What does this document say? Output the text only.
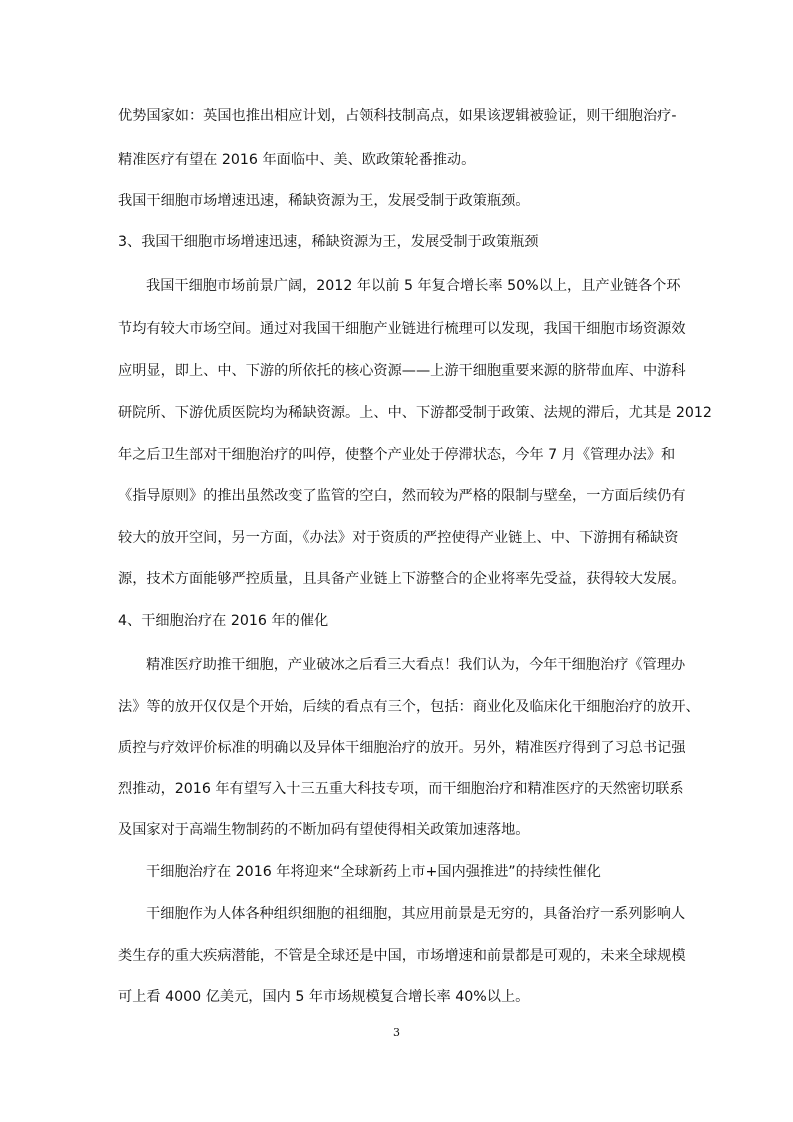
优势国家如：英国也推出相应计划，占领科技制高点，如果该逻辑被验证，则干细胞治疗-

精准医疗有望在 2016 年面临中、美、欧政策轮番推动。

我国干细胞市场增速迅速，稀缺资源为王，发展受制于政策瓶颈。

3、我国干细胞市场增速迅速，稀缺资源为王，发展受制于政策瓶颈

我国干细胞市场前景广阔，2012 年以前 5 年复合增长率 50%以上，且产业链各个环

节均有较大市场空间。通过对我国干细胞产业链进行梳理可以发现，我国干细胞市场资源效

应明显，即上、中、下游的所依托的核心资源——上游干细胞重要来源的脐带血库、中游科

研院所、下游优质医院均为稀缺资源。上、中、下游都受制于政策、法规的滞后，尤其是 2012

年之后卫生部对干细胞治疗的叫停，使整个产业处于停滞状态，今年 7 月《管理办法》和

《指导原则》的推出虽然改变了监管的空白，然而较为严格的限制与壁垒，一方面后续仍有

较大的放开空间，另一方面，《办法》对于资质的严控使得产业链上、中、下游拥有稀缺资

源，技术方面能够严控质量，且具备产业链上下游整合的企业将率先受益，获得较大发展。

4、干细胞治疗在 2016 年的催化

精准医疗助推干细胞，产业破冰之后看三大看点！我们认为，今年干细胞治疗《管理办

法》等的放开仅仅是个开始，后续的看点有三个，包括：商业化及临床化干细胞治疗的放开、

质控与疗效评价标准的明确以及异体干细胞治疗的放开。另外，精准医疗得到了习总书记强

烈推动，2016 年有望写入十三五重大科技专项，而干细胞治疗和精准医疗的天然密切联系

及国家对于高端生物制药的不断加码有望使得相关政策加速落地。

干细胞治疗在 2016 年将迎来“全球新药上市+国内强推进”的持续性催化

干细胞作为人体各种组织细胞的祖细胞，其应用前景是无穷的，具备治疗一系列影响人

类生存的重大疾病潜能，不管是全球还是中国，市场增速和前景都是可观的，未来全球规模

可上看 4000 亿美元，国内 5 年市场规模复合增长率 40%以上。

3
